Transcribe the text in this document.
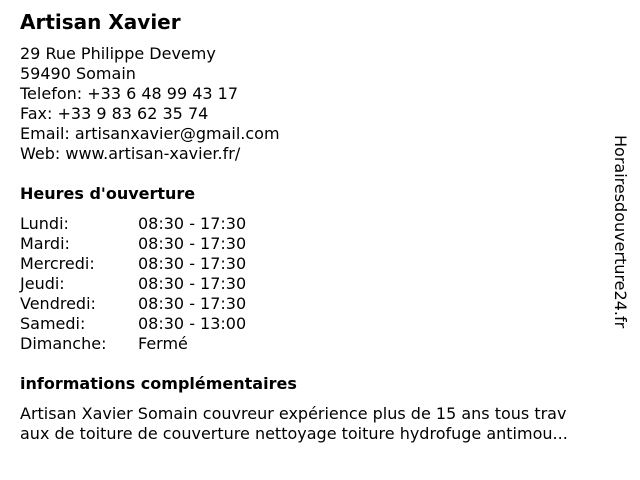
Artisan Xavier
29 Rue Philippe Devemy
59490 Somain
Telefon: +33 6 48 99 43 17
Fax: +33 9 83 62 35 74
Email: artisanxavier@gmail.com
Web: www.artisan-xavier.fr/
Heures d'ouverture
Lundi:	08:30 - 17:30
Mardi:	08:30 - 17:30
Mercredi:	08:30 - 17:30
Jeudi:	08:30 - 17:30
Vendredi:	08:30 - 17:30
Samedi:	08:30 - 13:00
Dimanche: Fermé
informations complémentaires
Artisan Xavier Somain couvreur expérience plus de 15 ans tous trav
aux de toiture de couverture nettoyage toiture hydrofuge antimou...
Horairesdouverture24.fr
